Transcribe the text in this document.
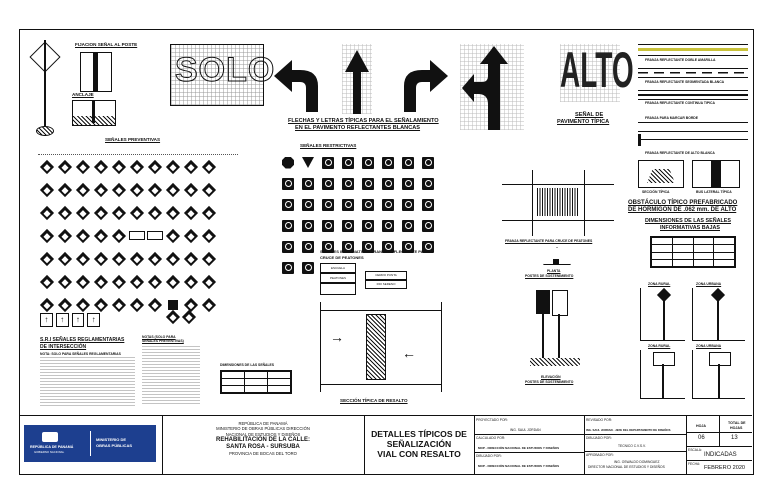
FIJACION SEÑAL AL POSTE
ANCLAJE
SEÑALES PREVENTIVAS
↑	↑	↑	↑
S.R.I SEÑALES REGLAMENTARIAS
DE INTERSECCIÓN
NOTA: SOLO PARA SEÑALES REGLAMENTARIAS
NOTAS (SOLO PARA
SEÑALES PREVENTIVAS)
DIMENSIONES DE LAS SEÑALES

SOLO
FLECHAS Y LETRAS TÍPICAS PARA EL SEÑALAMIENTO
EN EL PAVIMENTO REFLECTANTES BLANCAS
ALTO
SEÑAL DE
PAVIMENTO TÍPICA
FRANJA REFLECTANTE DOBLE AMARILLA
FRANJA REFLECTANTE SEGMENTADA BLANCA
FRANJA REFLECTANTE CONTINUA TIPICA
FRANJA PARA MARCAR BORDE
FRANJA REFLECTANTE DE ALTO BLANCA
SECCIÓN TÍPICA	BUS LATERAL TÍPICA
OBSTÁCULO TÍPICO PREFABRICADO
DE HORMIGÓN DE .062 mm. DE ALTO
DIMENSIONES DE LAS SEÑALES
INFORMATIVAS BAJAS

SEÑALES RESTRICTIVAS
SEÑALES INFORMATIVAS FRANJA REFLECTANTE PARA
CRUCE DE PEATONES
ESCUELA
PEATONES
CERRO PUNTA
RIO SERENO
FRANJA REFLECTANTE PARA CRUCE DE PEATONES
PLANTA
POSTES DE SOSTENIMIENTO
ELEVACIÓN
POSTES DE SOSTENIMIENTO
ZONA RURAL	ZONA URBANA
ZONA RURAL	ZONA URBANA
→
←
SECCIÓN TÍPICA DE RESALTO
REPÚBLICA DE PANAMÁ
GOBIERNO NACIONAL
MINISTERIO DE
OBRAS PÚBLICAS
REPÚBLICA DE PANAMÁ
MINISTERIO DE OBRAS PÚBLICAS DIRECCIÓN
NACIONAL DE ESTUDIOS Y DISEÑOS
REHABILITACIÓN DE LA CALLE:
SANTA ROSA - SURSUBA
PROVINCIA DE BOCAS DEL TORO
DETALLES TÍPICOS DE
SEÑALIZACIÓN
VIAL CON RESALTO
PROYECTADO POR:
ING. SAUL JORDAN
CALCULADO POR:
MOP - DIRECCIÓN NACIONAL DE ESTUDIOS Y DISEÑOS
DIBUJADO POR:
MOP - DIRECCIÓN NACIONAL DE ESTUDIOS Y DISEÑOS
REVISADO POR:
ING. SAUL JORDAN - JEFE DEL DEPARTAMENTO DE DISEÑOS
DIBUJADO POR:
TECNICO C.V.S.V.
APROBADO POR:
ING. OSWALDO DOMINGUEZ
DIRECTOR NACIONAL DE ESTUDIOS Y DISEÑOS
HOJA
TOTAL DE
HOJAS
06	13
ESCALA:
INDICADAS
FECHA:
FEBRERO 2020
